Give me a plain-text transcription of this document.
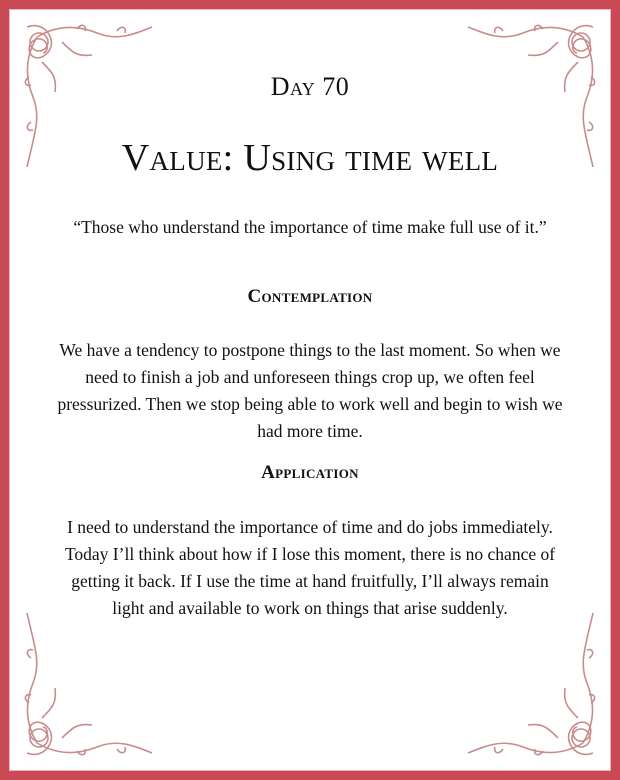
Day 70
Value: Using time well
“Those who understand the importance of time make full use of it.”
Contemplation
We have a tendency to postpone things to the last moment. So when we need to finish a job and unforeseen things crop up, we often feel pressurized. Then we stop being able to work well and begin to wish we had more time.
Application
I need to understand the importance of time and do jobs immediately. Today I’ll think about how if I lose this moment, there is no chance of getting it back. If I use the time at hand fruitfully, I’ll always remain light and available to work on things that arise suddenly.
